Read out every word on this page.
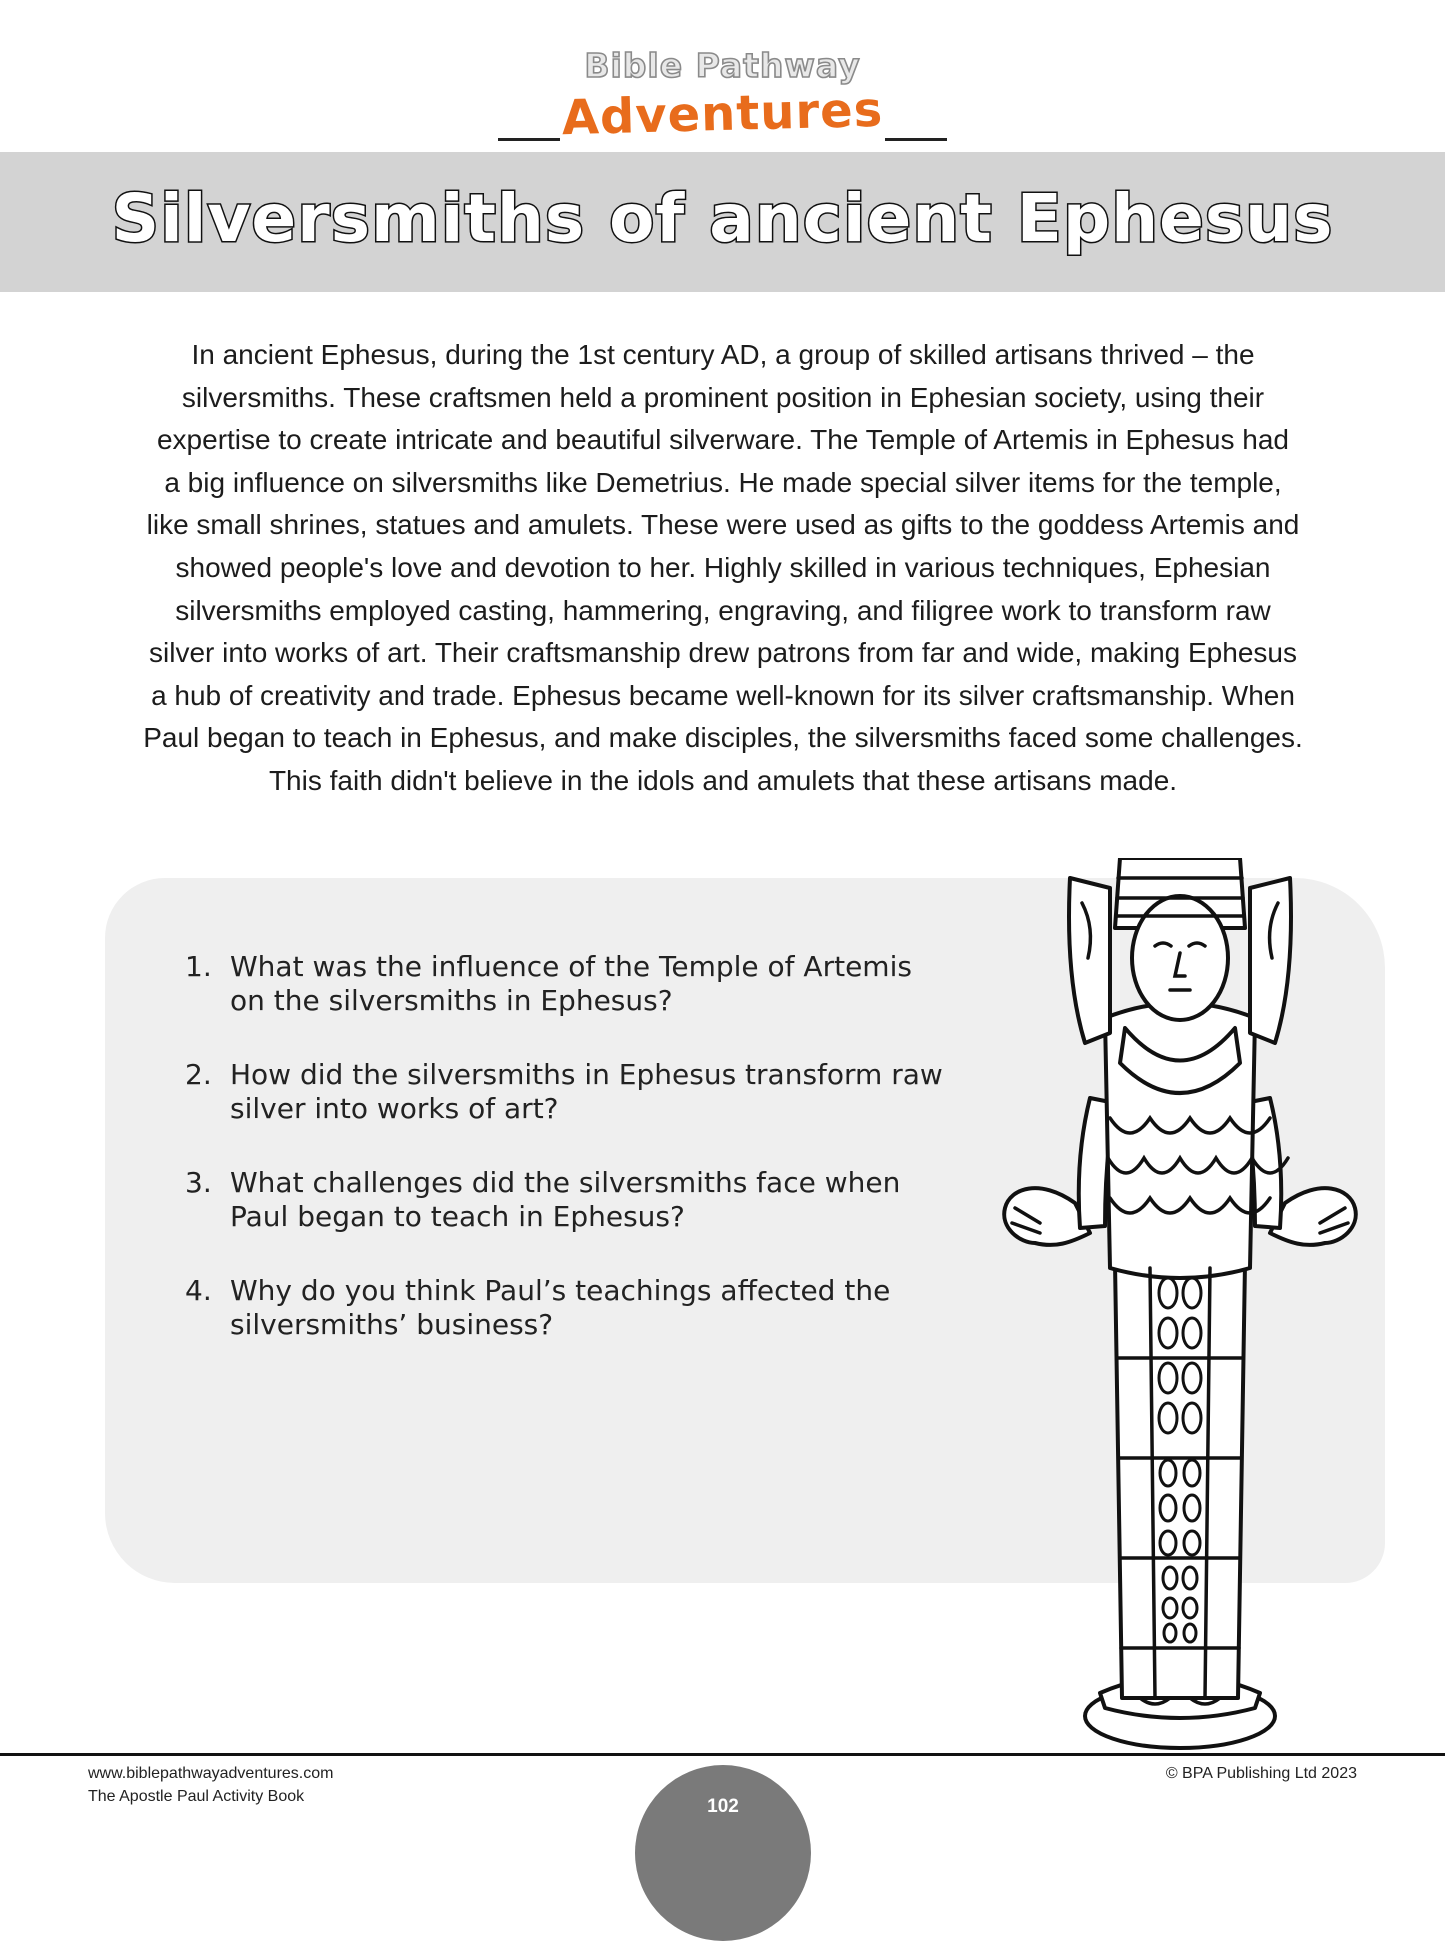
Bible Pathway
Adventures
Silversmiths of ancient Ephesus

In ancient Ephesus, during the 1st century AD, a group of skilled artisans thrived – the
silversmiths. These craftsmen held a prominent position in Ephesian society, using their
expertise to create intricate and beautiful silverware. The Temple of Artemis in Ephesus had
a big influence on silversmiths like Demetrius. He made special silver items for the temple,
like small shrines, statues and amulets. These were used as gifts to the goddess Artemis and
showed people's love and devotion to her. Highly skilled in various techniques, Ephesian
silversmiths employed casting, hammering, engraving, and filigree work to transform raw
silver into works of art. Their craftsmanship drew patrons from far and wide, making Ephesus
a hub of creativity and trade. Ephesus became well-known for its silver craftsmanship. When
Paul began to teach in Ephesus, and make disciples, the silversmiths faced some challenges.
This faith didn't believe in the idols and amulets that these artisans made.

1. What was the influence of the Temple of Artemis
on the silversmiths in Ephesus?
2. How did the silversmiths in Ephesus transform raw
silver into works of art?
3. What challenges did the silversmiths face when
Paul began to teach in Ephesus?
4. Why do you think Paul’s teachings affected the
silversmiths’ business?
www.biblepathwayadventures.com
The Apostle Paul Activity Book
© BPA Publishing Ltd 2023
102
